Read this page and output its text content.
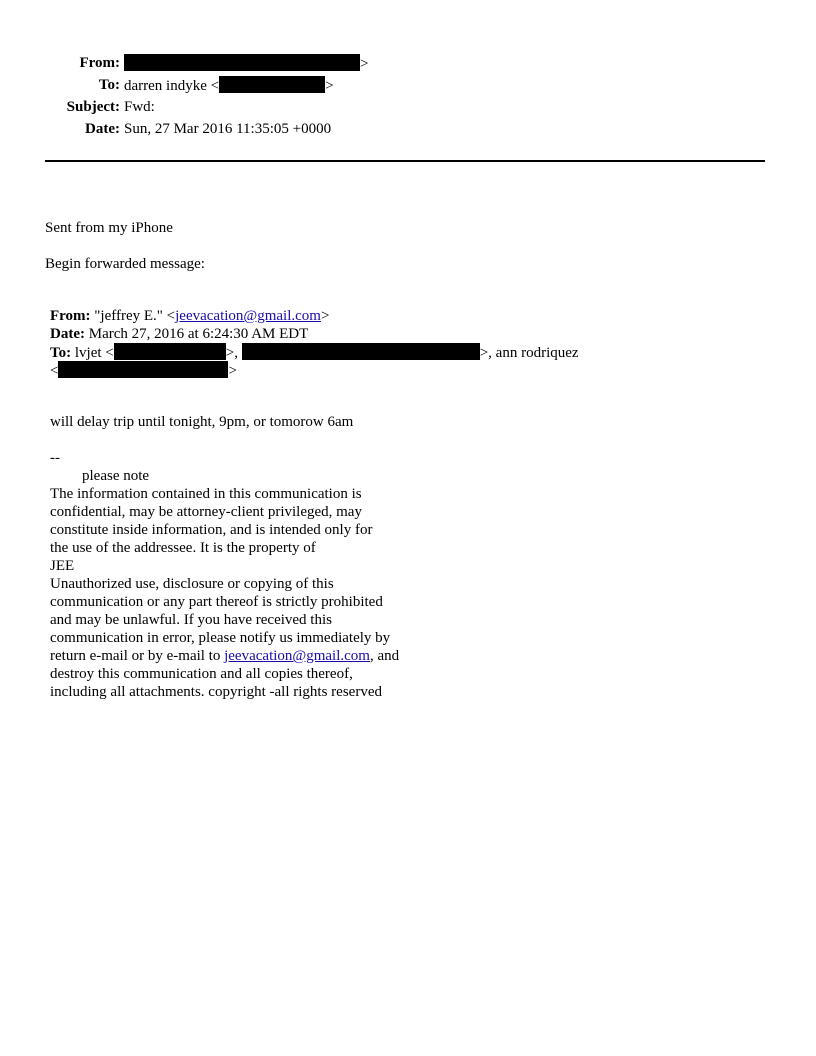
From:	>
To: darren indyke <	>
Subject: Fwd:
Date: Sun, 27 Mar 2016 11:35:05 +0000
Sent from my iPhone
Begin forwarded message:
From: "jeffrey E." <jeevacation@gmail.com>
Date: March 27, 2016 at 6:24:30 AM EDT
To: lvjet <	>,	>, ann rodriquez
<	>
will delay trip until tonight, 9pm, or tomorow 6am
--
please note
The information contained in this communication is
confidential, may be attorney-client privileged, may
constitute inside information, and is intended only for
the use of the addressee. It is the property of
JEE
Unauthorized use, disclosure or copying of this
communication or any part thereof is strictly prohibited
and may be unlawful. If you have received this
communication in error, please notify us immediately by
return e-mail or by e-mail to jeevacation@gmail.com, and
destroy this communication and all copies thereof,
including all attachments. copyright -all rights reserved
